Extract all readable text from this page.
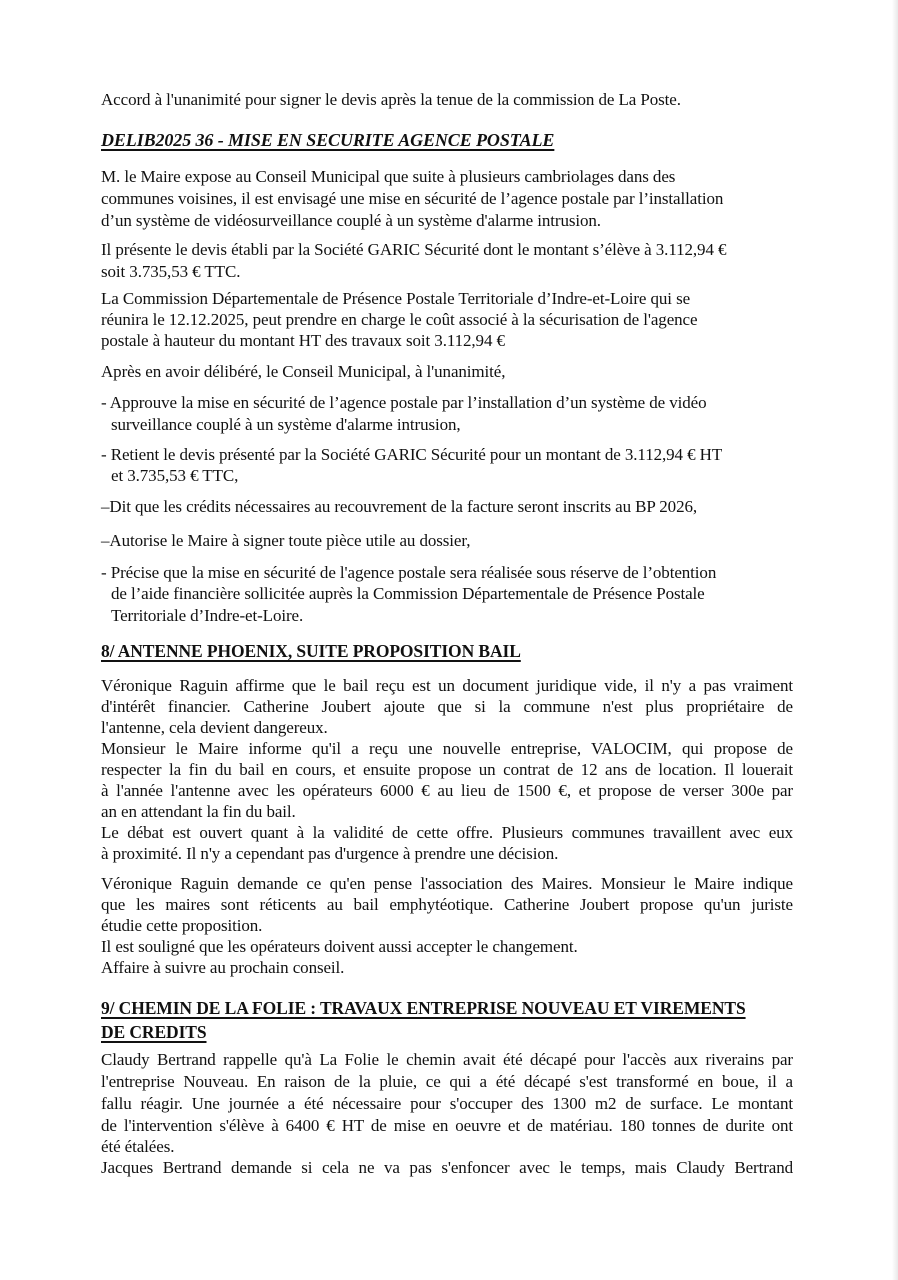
Accord à l'unanimité pour signer le devis après la tenue de la commission de La Poste.
DELIB2025 36 - MISE EN SECURITE AGENCE POSTALE
M. le Maire expose au Conseil Municipal que suite à plusieurs cambriolages dans des
communes voisines, il est envisagé une mise en sécurité de l’agence postale par l’installation
d’un système de vidéosurveillance couplé à un système d'alarme intrusion.
Il présente le devis établi par la Société GARIC Sécurité dont le montant s’élève à 3.112,94 €
soit 3.735,53 € TTC.
La Commission Départementale de Présence Postale Territoriale d’Indre-et-Loire qui se
réunira le 12.12.2025, peut prendre en charge le coût associé à la sécurisation de l'agence
postale à hauteur du montant HT des travaux soit 3.112,94 €
Après en avoir délibéré, le Conseil Municipal, à l'unanimité,
- Approuve la mise en sécurité de l’agence postale par l’installation d’un système de vidéo
surveillance couplé à un système d'alarme intrusion,
- Retient le devis présenté par la Société GARIC Sécurité pour un montant de 3.112,94 € HT
et 3.735,53 € TTC,
–Dit que les crédits nécessaires au recouvrement de la facture seront inscrits au BP 2026,
–Autorise le Maire à signer toute pièce utile au dossier,
- Précise que la mise en sécurité de l'agence postale sera réalisée sous réserve de l’obtention
de l’aide financière sollicitée auprès la Commission Départementale de Présence Postale
Territoriale d’Indre-et-Loire.
8/ ANTENNE PHOENIX, SUITE PROPOSITION BAIL
Véronique Raguin affirme que le bail reçu est un document juridique vide, il n'y a pas vraiment
d'intérêt financier. Catherine Joubert ajoute que si la commune n'est plus propriétaire de
l'antenne, cela devient dangereux.
Monsieur le Maire informe qu'il a reçu une nouvelle entreprise, VALOCIM, qui propose de
respecter la fin du bail en cours, et ensuite propose un contrat de 12 ans de location. Il louerait
à l'année l'antenne avec les opérateurs 6000 € au lieu de 1500 €, et propose de verser 300e par
an en attendant la fin du bail.
Le débat est ouvert quant à la validité de cette offre. Plusieurs communes travaillent avec eux
à proximité. Il n'y a cependant pas d'urgence à prendre une décision.
Véronique Raguin demande ce qu'en pense l'association des Maires. Monsieur le Maire indique
que les maires sont réticents au bail emphytéotique. Catherine Joubert propose qu'un juriste
étudie cette proposition.
Il est souligné que les opérateurs doivent aussi accepter le changement.
Affaire à suivre au prochain conseil.
9/ CHEMIN DE LA FOLIE : TRAVAUX ENTREPRISE NOUVEAU ET VIREMENTS
DE CREDITS
Claudy Bertrand rappelle qu'à La Folie le chemin avait été décapé pour l'accès aux riverains par
l'entreprise Nouveau. En raison de la pluie, ce qui a été décapé s'est transformé en boue, il a
fallu réagir. Une journée a été nécessaire pour s'occuper des 1300 m2 de surface. Le montant
de l'intervention s'élève à 6400 € HT de mise en oeuvre et de matériau. 180 tonnes de durite ont
été étalées.
Jacques Bertrand demande si cela ne va pas s'enfoncer avec le temps, mais Claudy Bertrand
